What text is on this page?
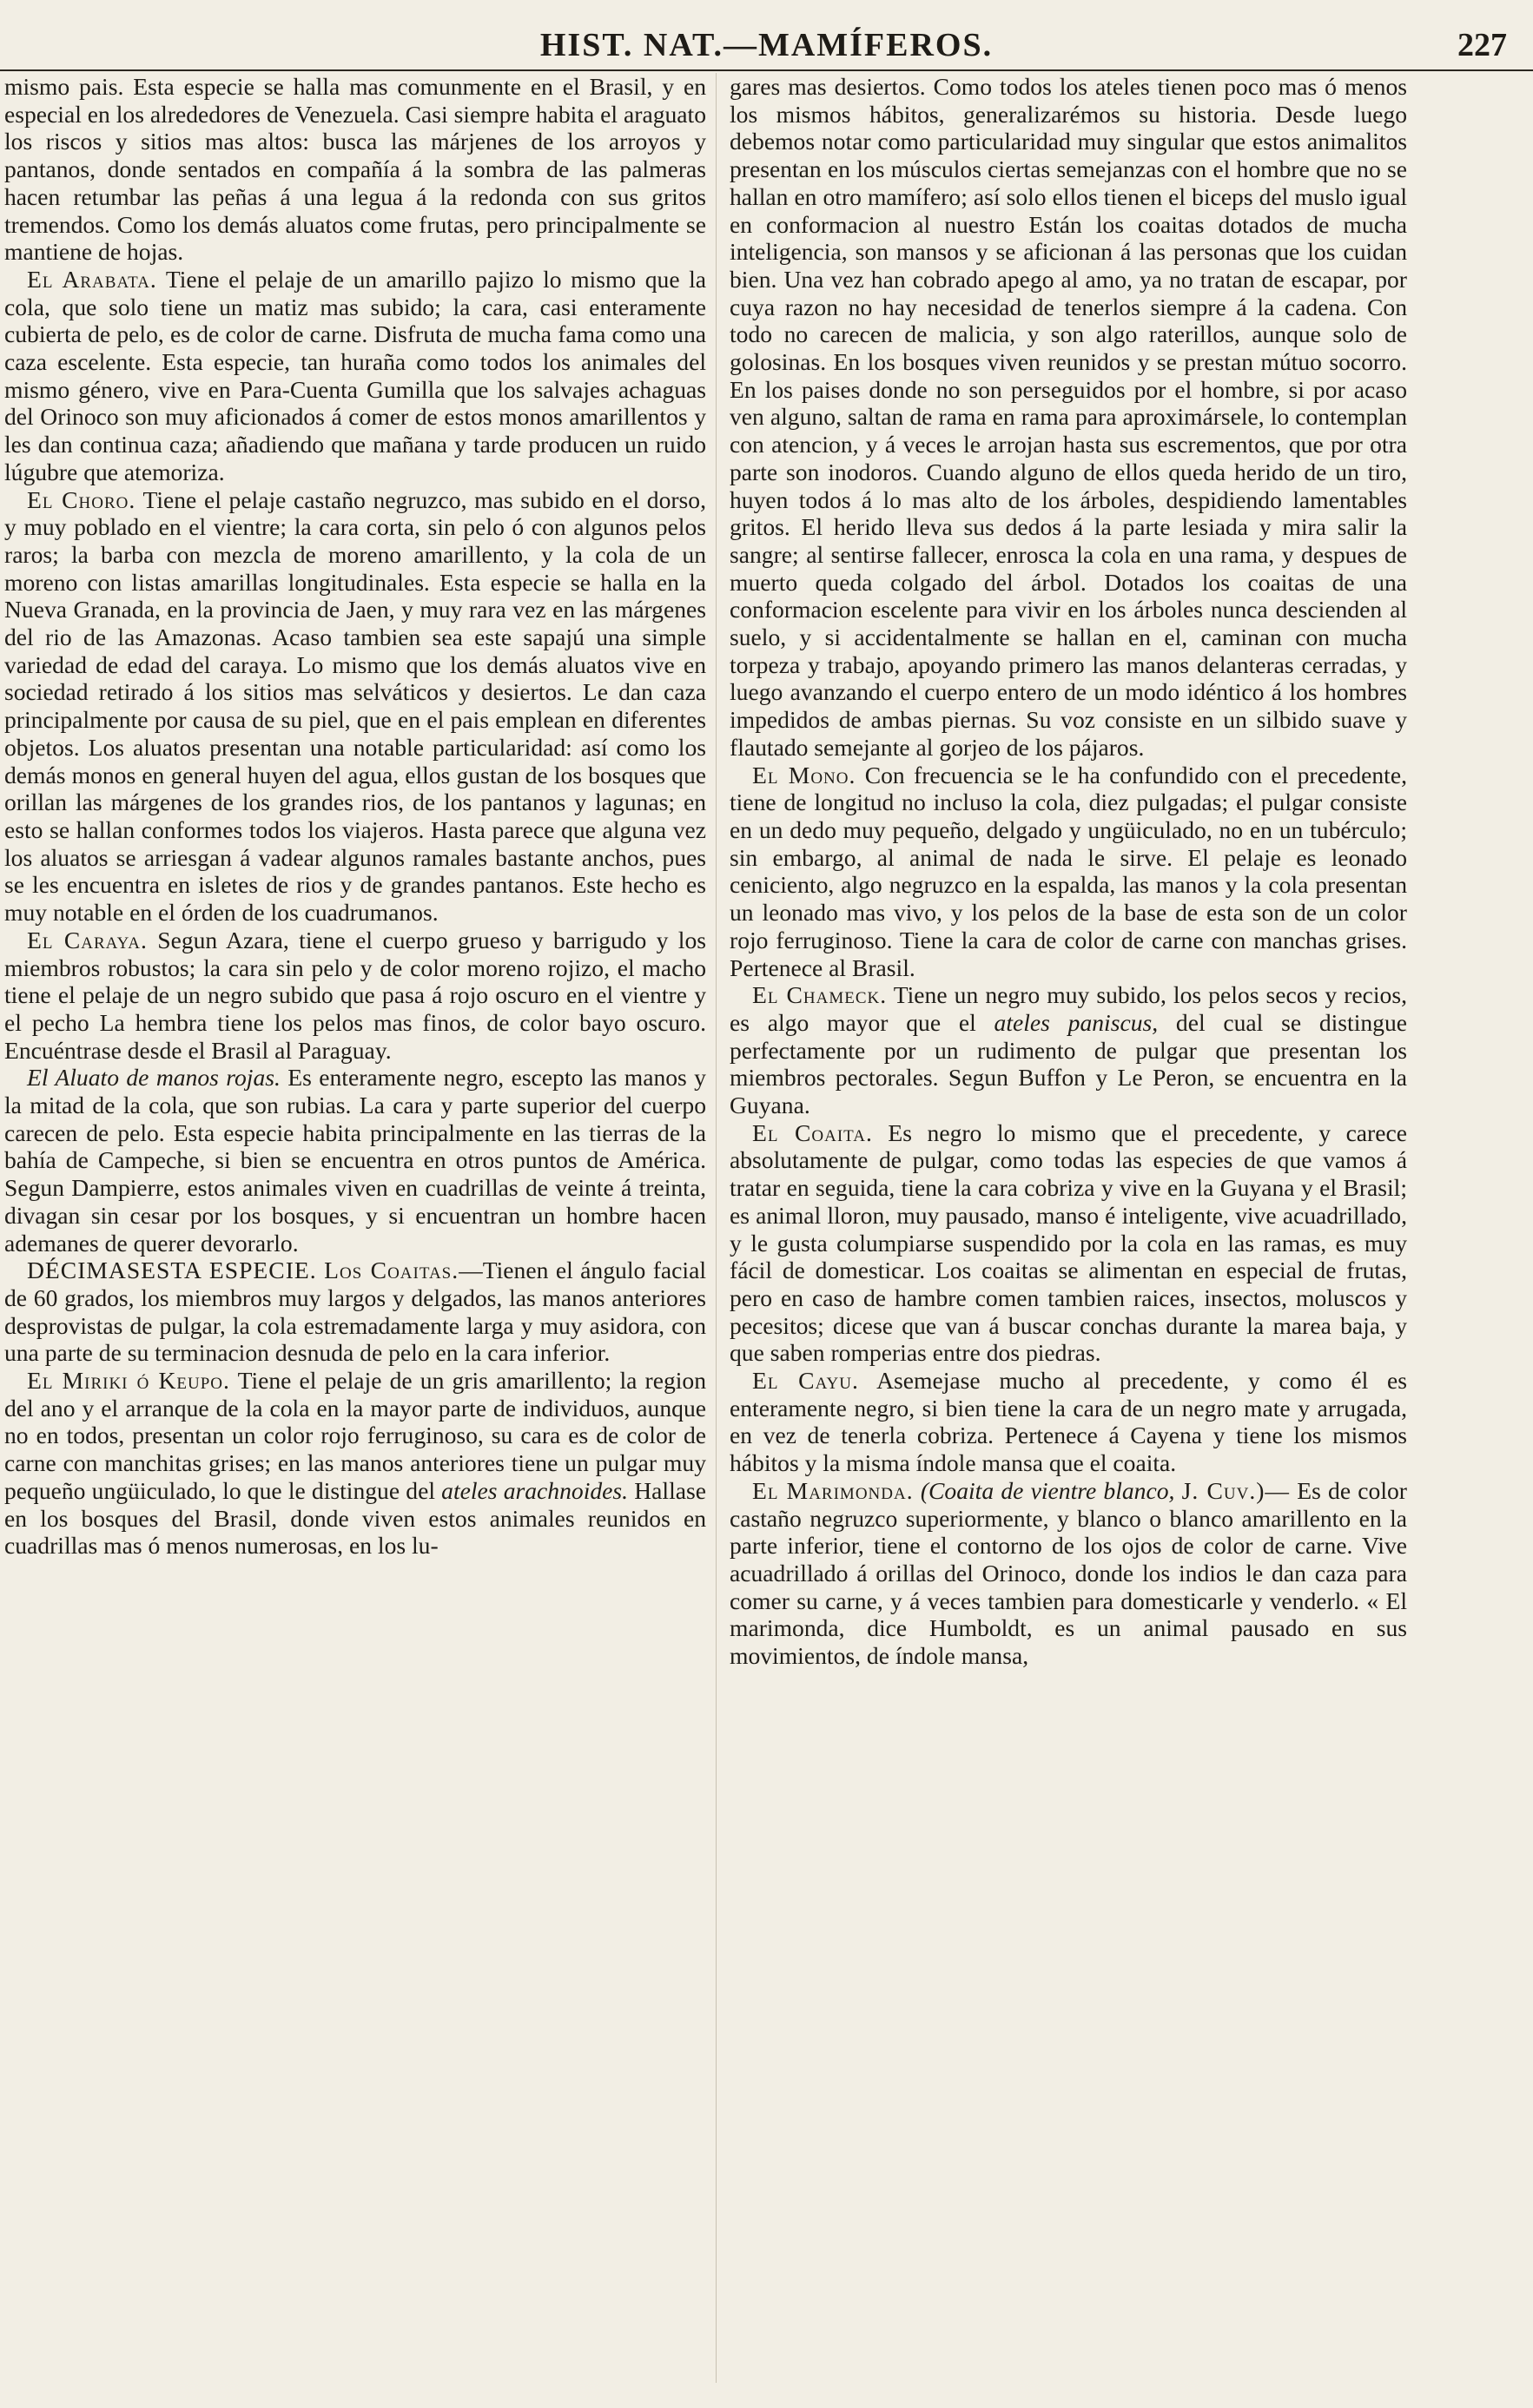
HIST. NAT.—MAMÍFEROS.	227

mismo pais. Esta especie se halla mas comunmente en el Brasil, y en especial en los alrededores de Venezuela. Casi siempre habita el araguato los riscos y sitios mas altos: busca las márjenes de los arroyos y pantanos, donde sentados en compañía á la sombra de las palmeras hacen retumbar las peñas á una legua á la redonda con sus gritos tremendos. Como los demás aluatos come frutas, pero principalmente se mantiene de hojas.

El Arabata. Tiene el pelaje de un amarillo pajizo lo mismo que la cola, que solo tiene un matiz mas subido; la cara, casi enteramente cubierta de pelo, es de color de carne. Disfruta de mucha fama como una caza escelente. Esta especie, tan huraña como todos los animales del mismo género, vive en Para-Cuenta Gumilla que los salvajes achaguas del Orinoco son muy aficionados á comer de estos monos amarillentos y les dan continua caza; añadiendo que mañana y tarde producen un ruido lúgubre que atemoriza.

El Choro. Tiene el pelaje castaño negruzco, mas subido en el dorso, y muy poblado en el vientre; la cara corta, sin pelo ó con algunos pelos raros; la barba con mezcla de moreno amarillento, y la cola de un moreno con listas amarillas longitudinales. Esta especie se halla en la Nueva Granada, en la provincia de Jaen, y muy rara vez en las márgenes del rio de las Amazonas. Acaso tambien sea este sapajú una simple variedad de edad del caraya. Lo mismo que los demás aluatos vive en sociedad retirado á los sitios mas selváticos y desiertos. Le dan caza principalmente por causa de su piel, que en el pais emplean en diferentes objetos. Los aluatos presentan una notable particularidad: así como los demás monos en general huyen del agua, ellos gustan de los bosques que orillan las márgenes de los grandes rios, de los pantanos y lagunas; en esto se hallan conformes todos los viajeros. Hasta parece que alguna vez los aluatos se arriesgan á vadear algunos ramales bastante anchos, pues se les encuentra en isletes de rios y de grandes pantanos. Este hecho es muy notable en el órden de los cuadrumanos.

El Caraya. Segun Azara, tiene el cuerpo grueso y barrigudo y los miembros robustos; la cara sin pelo y de color moreno rojizo, el macho tiene el pelaje de un negro subido que pasa á rojo oscuro en el vientre y el pecho La hembra tiene los pelos mas finos, de color bayo oscuro. Encuéntrase desde el Brasil al Paraguay.

El Aluato de manos rojas. Es enteramente negro, escepto las manos y la mitad de la cola, que son rubias. La cara y parte superior del cuerpo carecen de pelo. Esta especie habita principalmente en las tierras de la bahía de Campeche, si bien se encuentra en otros puntos de América. Segun Dampierre, estos animales viven en cuadrillas de veinte á treinta, divagan sin cesar por los bosques, y si encuentran un hombre hacen ademanes de querer devorarlo.

DÉCIMASESTA ESPECIE. Los Coaitas.—Tienen el ángulo facial de 60 grados, los miembros muy largos y delgados, las manos anteriores desprovistas de pulgar, la cola estremadamente larga y muy asidora, con una parte de su terminacion desnuda de pelo en la cara inferior.

El Miriki ó Keupo. Tiene el pelaje de un gris amarillento; la region del ano y el arranque de la cola en la mayor parte de individuos, aunque no en todos, presentan un color rojo ferruginoso, su cara es de color de carne con manchitas grises; en las manos anteriores tiene un pulgar muy pequeño ungüiculado, lo que le distingue del ateles arachnoides. Hallase en los bosques del Brasil, donde viven estos animales reunidos en cuadrillas mas ó menos numerosas, en los lu-

gares mas desiertos. Como todos los ateles tienen poco mas ó menos los mismos hábitos, generalizarémos su historia. Desde luego debemos notar como particularidad muy singular que estos animalitos presentan en los músculos ciertas semejanzas con el hombre que no se hallan en otro mamífero; así solo ellos tienen el biceps del muslo igual en conformacion al nuestro Están los coaitas dotados de mucha inteligencia, son mansos y se aficionan á las personas que los cuidan bien. Una vez han cobrado apego al amo, ya no tratan de escapar, por cuya razon no hay necesidad de tenerlos siempre á la cadena. Con todo no carecen de malicia, y son algo raterillos, aunque solo de golosinas. En los bosques viven reunidos y se prestan mútuo socorro. En los paises donde no son perseguidos por el hombre, si por acaso ven alguno, saltan de rama en rama para aproximársele, lo contemplan con atencion, y á veces le arrojan hasta sus escrementos, que por otra parte son inodoros. Cuando alguno de ellos queda herido de un tiro, huyen todos á lo mas alto de los árboles, despidiendo lamentables gritos. El herido lleva sus dedos á la parte lesiada y mira salir la sangre; al sentirse fallecer, enrosca la cola en una rama, y despues de muerto queda colgado del árbol. Dotados los coaitas de una conformacion escelente para vivir en los árboles nunca descienden al suelo, y si accidentalmente se hallan en el, caminan con mucha torpeza y trabajo, apoyando primero las manos delanteras cerradas, y luego avanzando el cuerpo entero de un modo idéntico á los hombres impedidos de ambas piernas. Su voz consiste en un silbido suave y flautado semejante al gorjeo de los pájaros.

El Mono. Con frecuencia se le ha confundido con el precedente, tiene de longitud no incluso la cola, diez pulgadas; el pulgar consiste en un dedo muy pequeño, delgado y ungüiculado, no en un tubérculo; sin embargo, al animal de nada le sirve. El pelaje es leonado ceniciento, algo negruzco en la espalda, las manos y la cola presentan un leonado mas vivo, y los pelos de la base de esta son de un color rojo ferruginoso. Tiene la cara de color de carne con manchas grises. Pertenece al Brasil.

El Chameck. Tiene un negro muy subido, los pelos secos y recios, es algo mayor que el ateles paniscus, del cual se distingue perfectamente por un rudimento de pulgar que presentan los miembros pectorales. Segun Buffon y Le Peron, se encuentra en la Guyana.

El Coaita. Es negro lo mismo que el precedente, y carece absolutamente de pulgar, como todas las especies de que vamos á tratar en seguida, tiene la cara cobriza y vive en la Guyana y el Brasil; es animal lloron, muy pausado, manso é inteligente, vive acuadrillado, y le gusta columpiarse suspendido por la cola en las ramas, es muy fácil de domesticar. Los coaitas se alimentan en especial de frutas, pero en caso de hambre comen tambien raices, insectos, moluscos y pecesitos; dicese que van á buscar conchas durante la marea baja, y que saben romperias entre dos piedras.

El Cayu. Asemejase mucho al precedente, y como él es enteramente negro, si bien tiene la cara de un negro mate y arrugada, en vez de tenerla cobriza. Pertenece á Cayena y tiene los mismos hábitos y la misma índole mansa que el coaita.

El Marimonda. (Coaita de vientre blanco, J. Cuv.)— Es de color castaño negruzco superiormente, y blanco o blanco amarillento en la parte inferior, tiene el contorno de los ojos de color de carne. Vive acuadrillado á orillas del Orinoco, donde los indios le dan caza para comer su carne, y á veces tambien para domesticarle y venderlo. « El marimonda, dice Humboldt, es un animal pausado en sus movimientos, de índole mansa,
